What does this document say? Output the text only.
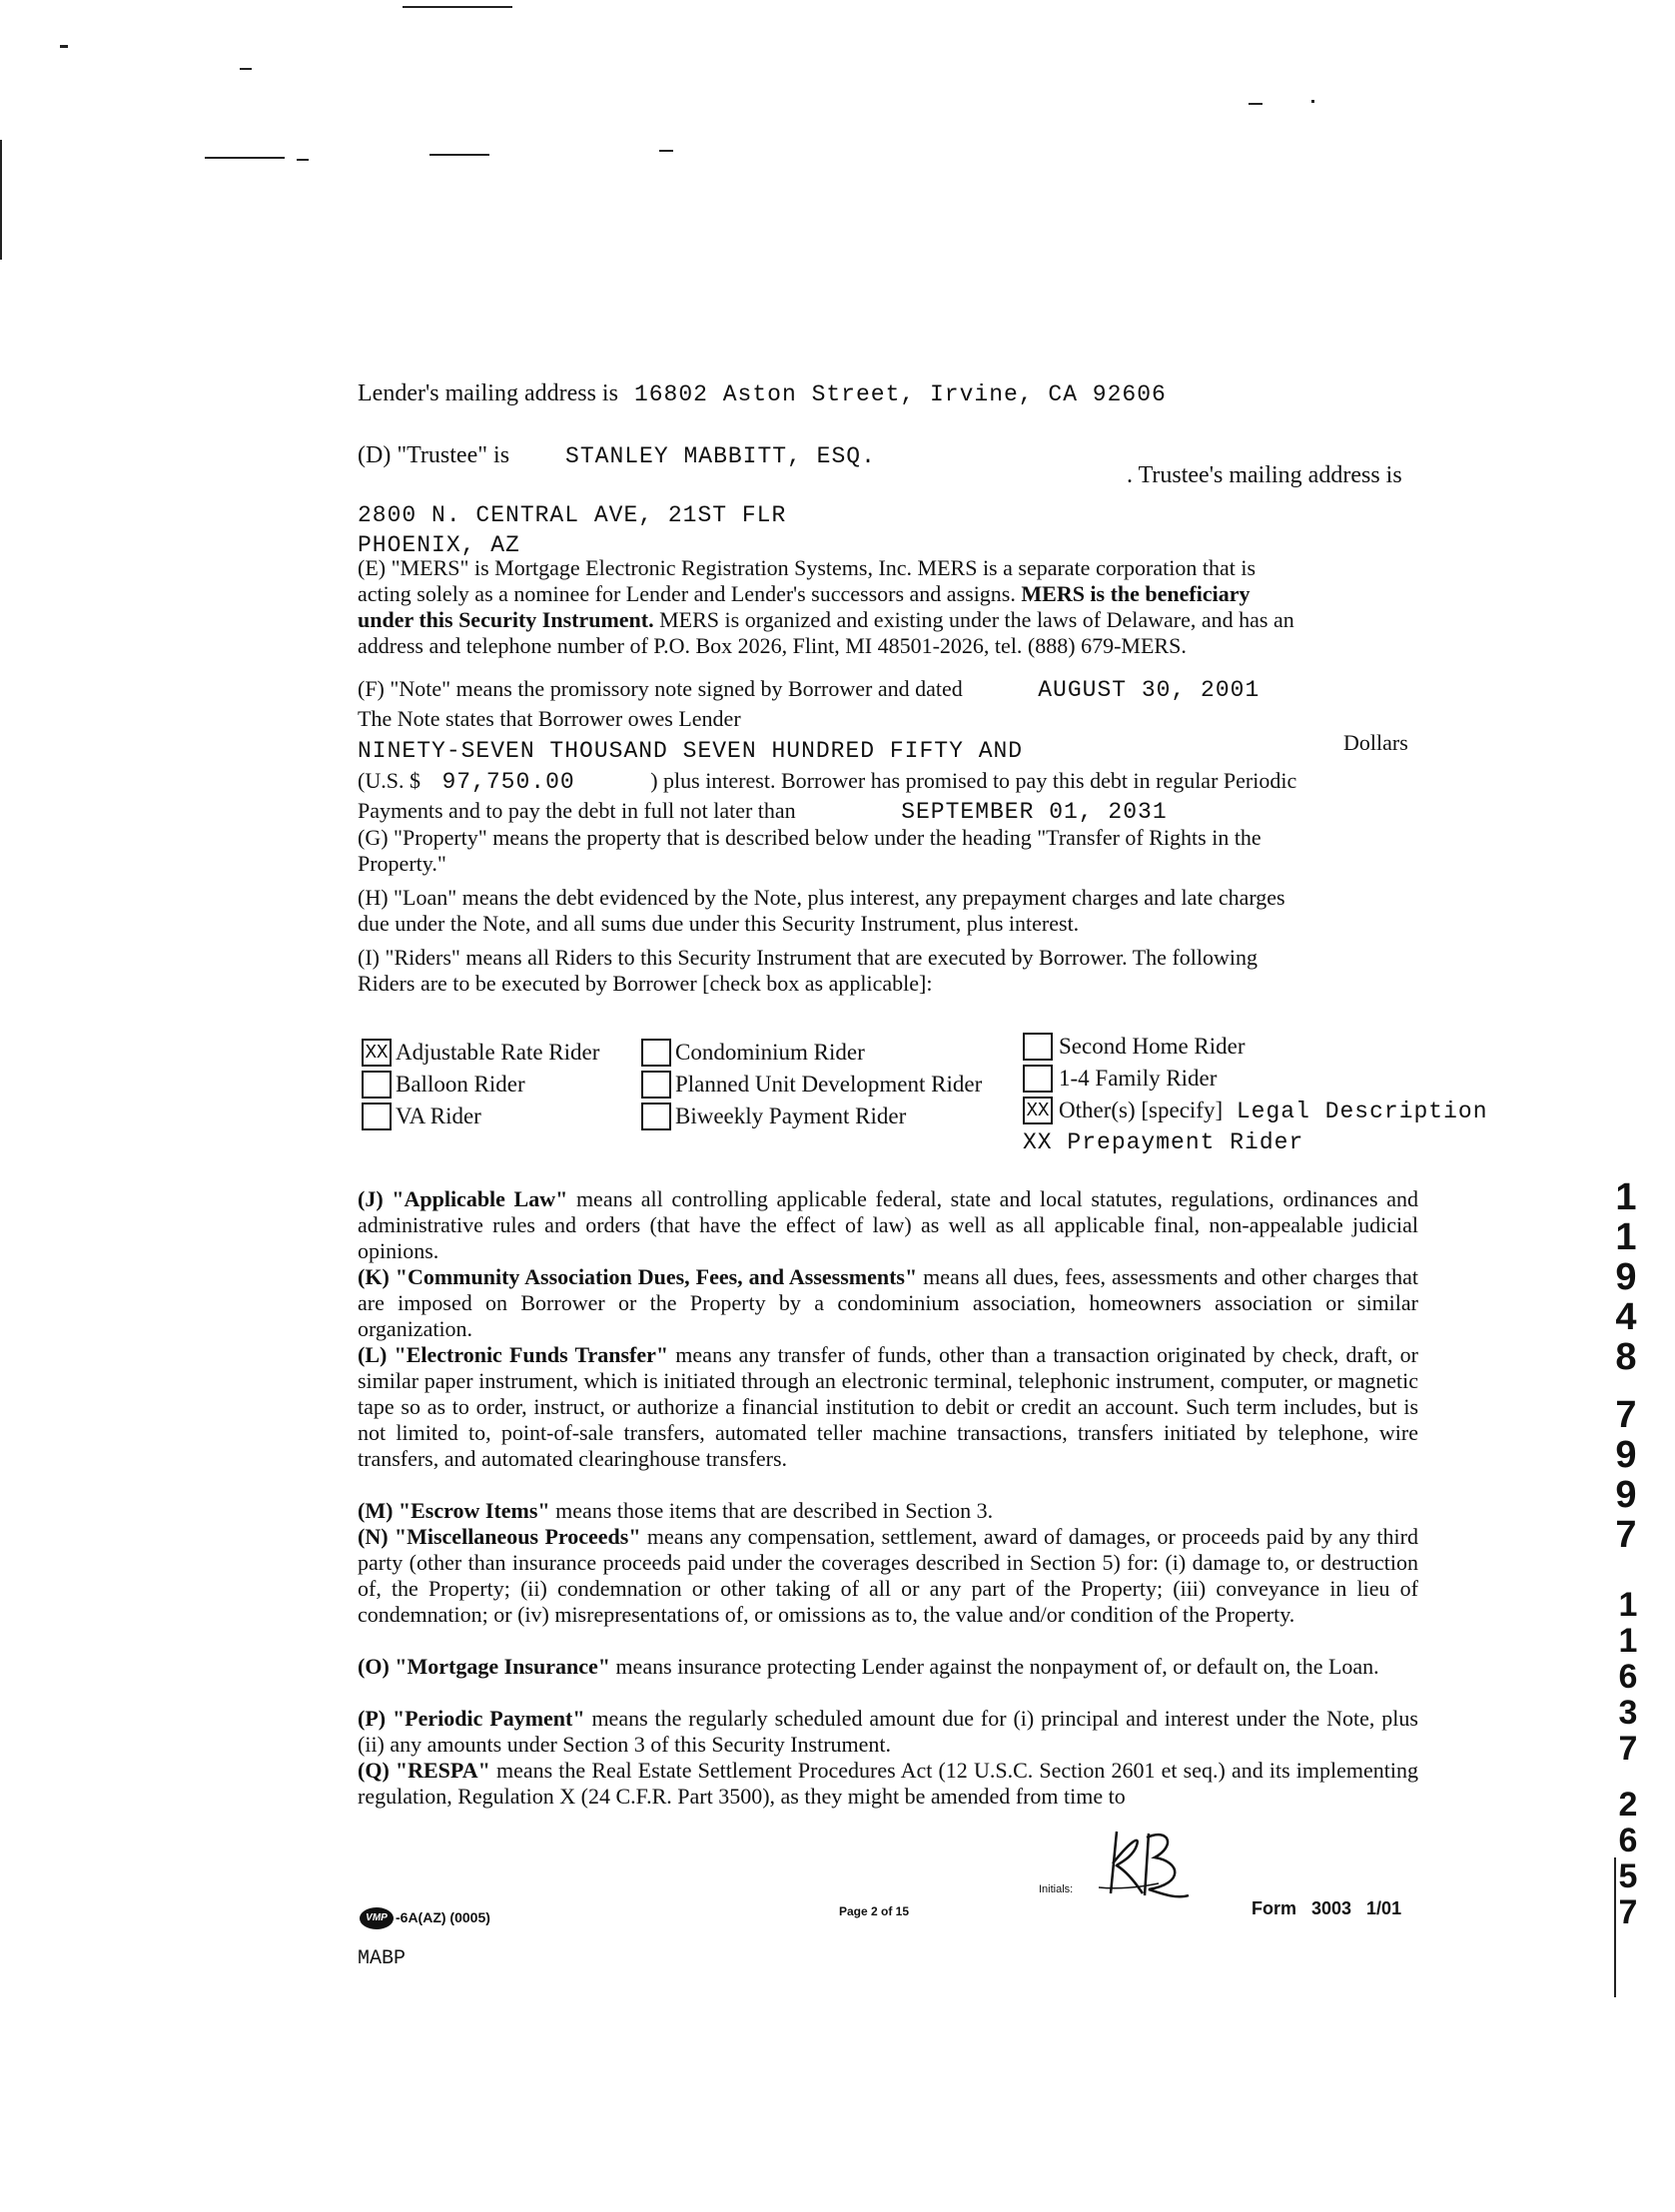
Lender's mailing address is 16802 Aston Street, Irvine, CA 92606
(D) "Trustee" is STANLEY MABBITT, ESQ.
. Trustee's mailing address is
2800 N. CENTRAL AVE, 21ST FLR
PHOENIX, AZ
(E) "MERS" is Mortgage Electronic Registration Systems, Inc. MERS is a separate corporation that is
acting solely as a nominee for Lender and Lender's successors and assigns. MERS is the beneficiary
under this Security Instrument. MERS is organized and existing under the laws of Delaware, and has an
address and telephone number of P.O. Box 2026, Flint, MI 48501-2026, tel. (888) 679-MERS.
(F) "Note" means the promissory note signed by Borrower and dated	AUGUST 30, 2001
The Note states that Borrower owes Lender
NINETY-SEVEN THOUSAND SEVEN HUNDRED FIFTY AND	Dollars
(U.S. $ 97,750.00	) plus interest. Borrower has promised to pay this debt in regular Periodic
Payments and to pay the debt in full not later than	SEPTEMBER 01, 2031
(G) "Property" means the property that is described below under the heading "Transfer of Rights in the
Property."
(H) "Loan" means the debt evidenced by the Note, plus interest, any prepayment charges and late charges
due under the Note, and all sums due under this Security Instrument, plus interest.
(I) "Riders" means all Riders to this Security Instrument that are executed by Borrower. The following
Riders are to be executed by Borrower [check box as applicable]:
XX Adjustable Rate Rider
Balloon Rider
VA Rider
Condominium Rider
Planned Unit Development Rider
Biweekly Payment Rider
Second Home Rider
1-4 Family Rider
XX Other(s) [specify] Legal Description
XX Prepayment Rider
(J) "Applicable Law" means all controlling applicable federal, state and local statutes, regulations, ordinances and administrative rules and orders (that have the effect of law) as well as all applicable final, non-appealable judicial opinions.
(K) "Community Association Dues, Fees, and Assessments" means all dues, fees, assessments and other charges that are imposed on Borrower or the Property by a condominium association, homeowners association or similar organization.
(L) "Electronic Funds Transfer" means any transfer of funds, other than a transaction originated by check, draft, or similar paper instrument, which is initiated through an electronic terminal, telephonic instrument, computer, or magnetic tape so as to order, instruct, or authorize a financial institution to debit or credit an account. Such term includes, but is not limited to, point-of-sale transfers, automated teller machine transactions, transfers initiated by telephone, wire transfers, and automated clearinghouse transfers.
(M) "Escrow Items" means those items that are described in Section 3.
(N) "Miscellaneous Proceeds" means any compensation, settlement, award of damages, or proceeds paid by any third party (other than insurance proceeds paid under the coverages described in Section 5) for: (i) damage to, or destruction of, the Property; (ii) condemnation or other taking of all or any part of the Property; (iii) conveyance in lieu of condemnation; or (iv) misrepresentations of, or omissions as to, the value and/or condition of the Property.
(O) "Mortgage Insurance" means insurance protecting Lender against the nonpayment of, or default on, the Loan.
(P) "Periodic Payment" means the regularly scheduled amount due for (i) principal and interest under the Note, plus (ii) any amounts under Section 3 of this Security Instrument.
(Q) "RESPA" means the Real Estate Settlement Procedures Act (12 U.S.C. Section 2601 et seq.) and its implementing regulation, Regulation X (24 C.F.R. Part 3500), as they might be amended from time to
1
1
9
4
8
7
9
9
7
1
1
6
3
7
2
6
5
7
Initials:
VMP -6A(AZ) (0005)	Page 2 of 15	Form 3003 1/01
MABP
